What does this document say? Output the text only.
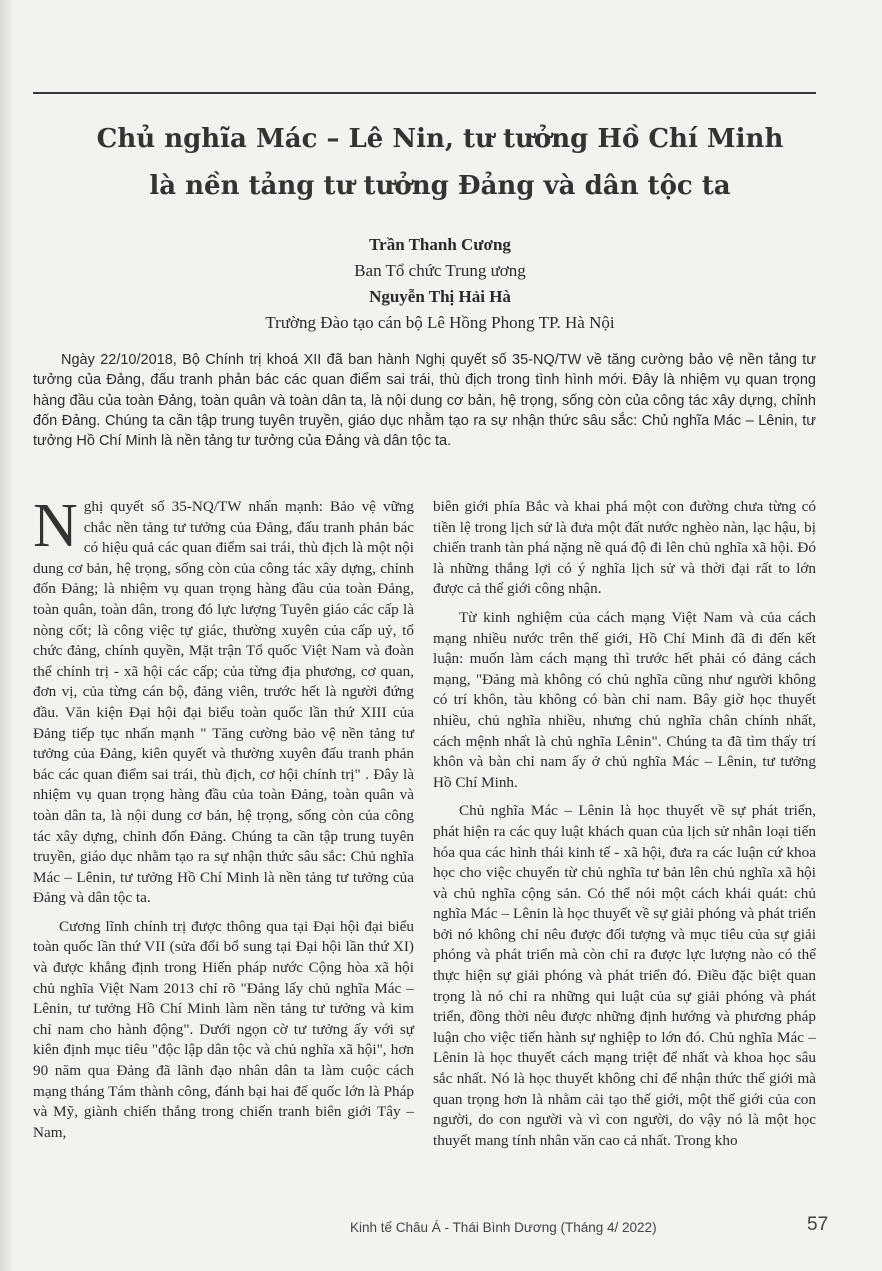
Chủ nghĩa Mác – Lê Nin, tư tưởng Hồ Chí Minh
là nền tảng tư tưởng Đảng và dân tộc ta
Trần Thanh Cương
Ban Tổ chức Trung ương
Nguyễn Thị Hải Hà
Trường Đào tạo cán bộ Lê Hồng Phong TP. Hà Nội
Ngày 22/10/2018, Bộ Chính trị khoá XII đã ban hành Nghị quyết số 35-NQ/TW về tăng cường bảo vệ nền tảng tư tưởng của Đảng, đấu tranh phản bác các quan điểm sai trái, thù địch trong tình hình mới. Đây là nhiệm vụ quan trọng hàng đầu của toàn Đảng, toàn quân và toàn dân ta, là nội dung cơ bản, hệ trọng, sống còn của công tác xây dựng, chỉnh đốn Đảng. Chúng ta cần tập trung tuyên truyền, giáo dục nhằm tạo ra sự nhận thức sâu sắc: Chủ nghĩa Mác – Lênin, tư tưởng Hồ Chí Minh là nền tảng tư tưởng của Đảng và dân tộc ta.

Nghị quyết số 35-NQ/TW nhấn mạnh: Bảo vệ vững chắc nền tảng tư tưởng của Đảng, đấu tranh phản bác có hiệu quả các quan điểm sai trái, thù địch là một nội dung cơ bản, hệ trọng, sống còn của công tác xây dựng, chỉnh đốn Đảng; là nhiệm vụ quan trọng hàng đầu của toàn Đảng, toàn quân, toàn dân, trong đó lực lượng Tuyên giáo các cấp là nòng cốt; là công việc tự giác, thường xuyên của cấp uỷ, tổ chức đảng, chính quyền, Mặt trận Tổ quốc Việt Nam và đoàn thể chính trị - xã hội các cấp; của từng địa phương, cơ quan, đơn vị, của từng cán bộ, đảng viên, trước hết là người đứng đầu. Văn kiện Đại hội đại biểu toàn quốc lần thứ XIII của Đảng tiếp tục nhấn mạnh " Tăng cường bảo vệ nền tảng tư tưởng của Đảng, kiên quyết và thường xuyên đấu tranh phản bác các quan điểm sai trái, thù địch, cơ hội chính trị" . Đây là nhiệm vụ quan trọng hàng đầu của toàn Đảng, toàn quân và toàn dân ta, là nội dung cơ bản, hệ trọng, sống còn của công tác xây dựng, chỉnh đốn Đảng. Chúng ta cần tập trung tuyên truyền, giáo dục nhằm tạo ra sự nhận thức sâu sắc: Chủ nghĩa Mác – Lênin, tư tưởng Hồ Chí Minh là nền tảng tư tưởng của Đảng và dân tộc ta.

Cương lĩnh chính trị được thông qua tại Đại hội đại biểu toàn quốc lần thứ VII (sửa đổi bổ sung tại Đại hội lần thứ XI) và được khẳng định trong Hiến pháp nước Cộng hòa xã hội chủ nghĩa Việt Nam 2013 chỉ rõ "Đảng lấy chủ nghĩa Mác – Lênin, tư tưởng Hồ Chí Minh làm nền tảng tư tưởng và kim chỉ nam cho hành động". Dưới ngọn cờ tư tưởng ấy với sự kiên định mục tiêu "độc lập dân tộc và chủ nghĩa xã hội", hơn 90 năm qua Đảng đã lãnh đạo nhân dân ta làm cuộc cách mạng tháng Tám thành công, đánh bại hai đế quốc lớn là Pháp và Mỹ, giành chiến thắng trong chiến tranh biên giới Tây – Nam,

biên giới phía Bắc và khai phá một con đường chưa từng có tiền lệ trong lịch sử là đưa một đất nước nghèo nàn, lạc hậu, bị chiến tranh tàn phá nặng nề quá độ đi lên chủ nghĩa xã hội. Đó là những thắng lợi có ý nghĩa lịch sử và thời đại rất to lớn được cả thế giới công nhận.

Từ kinh nghiệm của cách mạng Việt Nam và của cách mạng nhiều nước trên thế giới, Hồ Chí Minh đã đi đến kết luận: muốn làm cách mạng thì trước hết phải có đảng cách mạng, "Đảng mà không có chủ nghĩa cũng như người không có trí khôn, tàu không có bàn chỉ nam. Bây giờ học thuyết nhiều, chủ nghĩa nhiều, nhưng chủ nghĩa chân chính nhất, cách mệnh nhất là chủ nghĩa Lênin". Chúng ta đã tìm thấy trí khôn và bàn chỉ nam ấy ở chủ nghĩa Mác – Lênin, tư tưởng Hồ Chí Minh.

Chủ nghĩa Mác – Lênin là học thuyết về sự phát triển, phát hiện ra các quy luật khách quan của lịch sử nhân loại tiến hóa qua các hình thái kinh tế - xã hội, đưa ra các luận cứ khoa học cho việc chuyển từ chủ nghĩa tư bản lên chủ nghĩa xã hội và chủ nghĩa cộng sản. Có thể nói một cách khái quát: chủ nghĩa Mác – Lênin là học thuyết về sự giải phóng và phát triển bởi nó không chỉ nêu được đối tượng và mục tiêu của sự giải phóng và phát triển mà còn chỉ ra được lực lượng nào có thể thực hiện sự giải phóng và phát triển đó. Điều đặc biệt quan trọng là nó chỉ ra những qui luật của sự giải phóng và phát triển, đồng thời nêu được những định hướng và phương pháp luận cho việc tiến hành sự nghiệp to lớn đó. Chủ nghĩa Mác – Lênin là học thuyết cách mạng triệt để nhất và khoa học sâu sắc nhất. Nó là học thuyết không chỉ để nhận thức thế giới mà quan trọng hơn là nhằm cải tạo thế giới, một thế giới của con người, do con người và vì con người, do vậy nó là một học thuyết mang tính nhân văn cao cả nhất. Trong kho

Kinh tế Châu Á - Thái Bình Dương (Tháng 4/ 2022)	57
